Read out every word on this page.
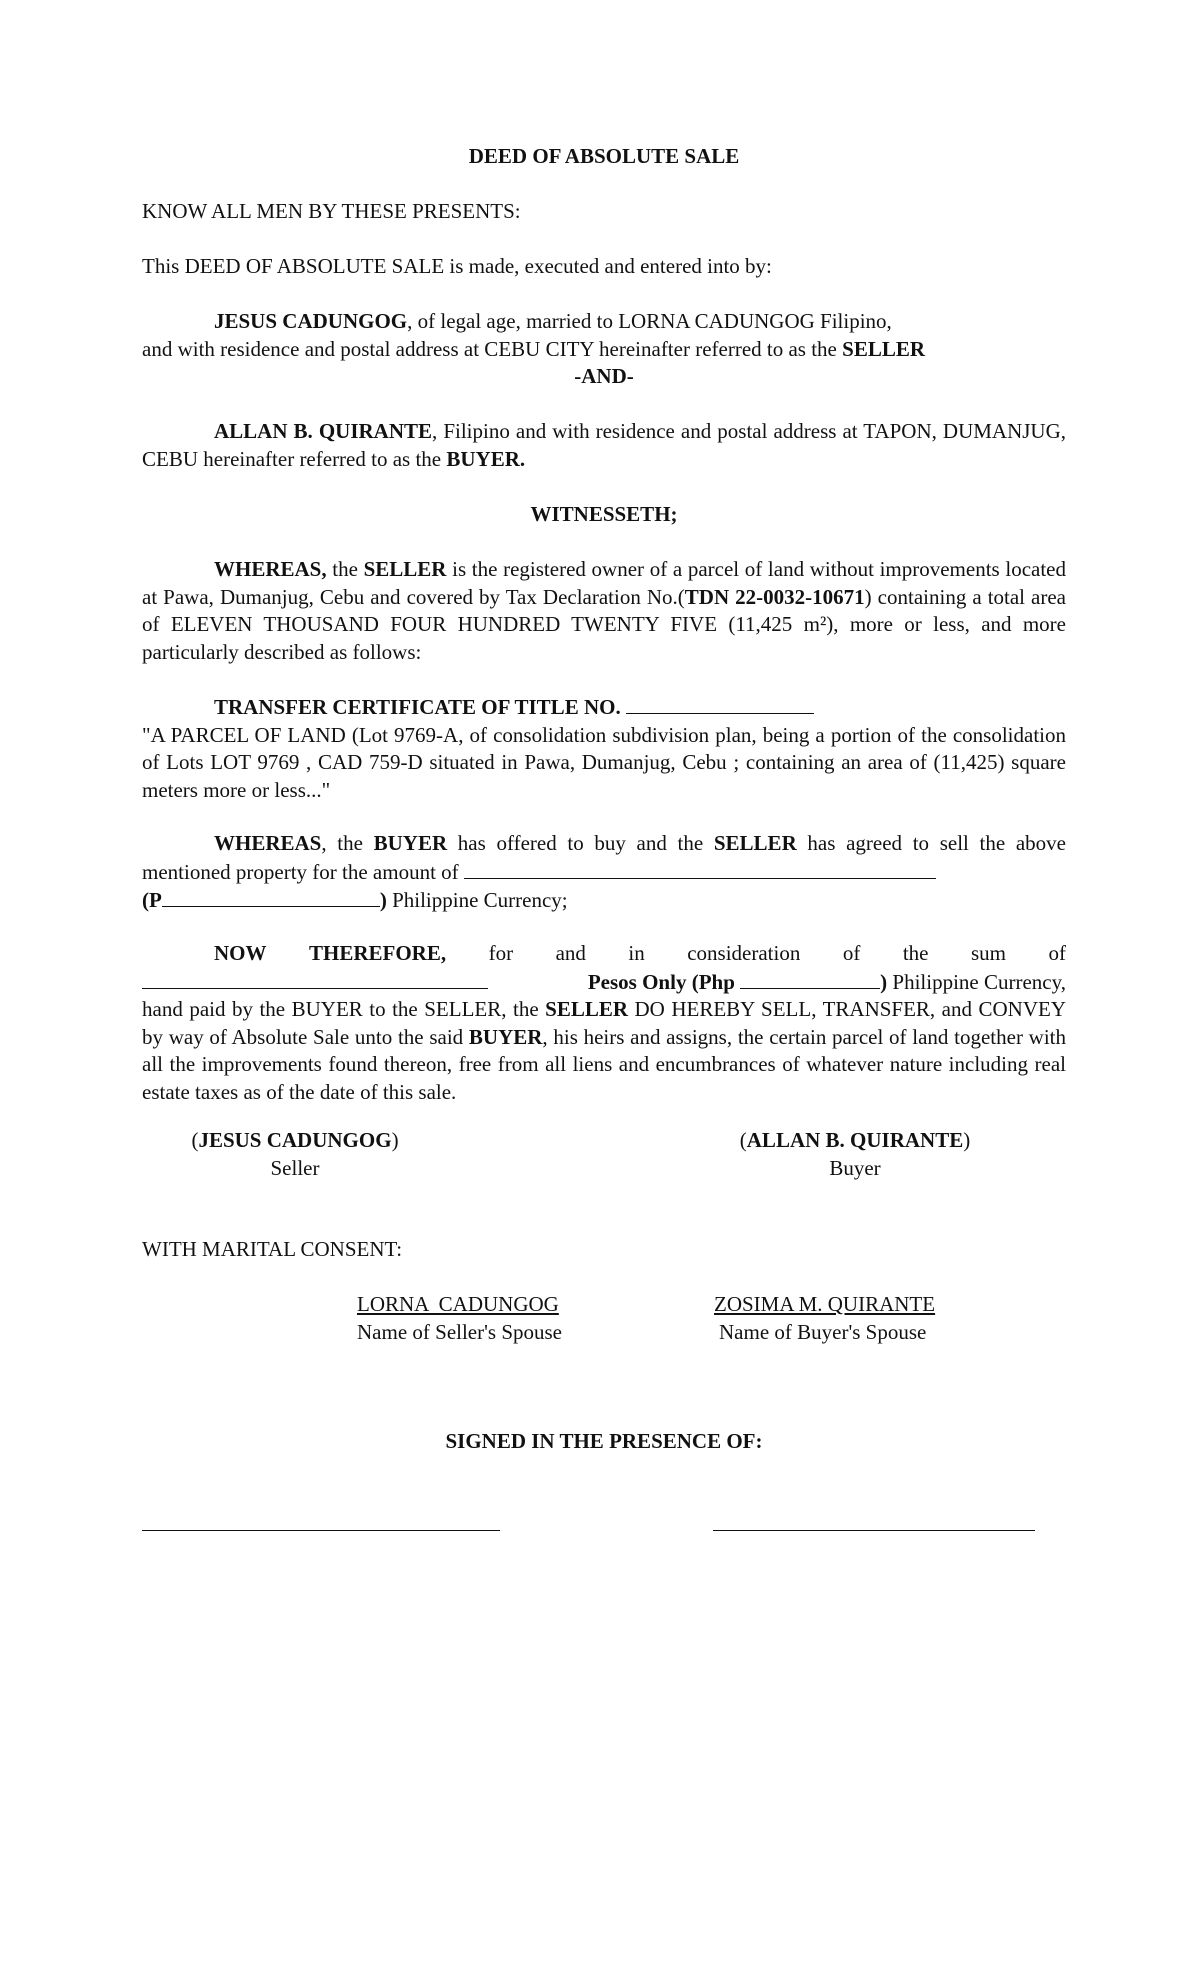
DEED OF ABSOLUTE SALE
KNOW ALL MEN BY THESE PRESENTS:
This DEED OF ABSOLUTE SALE is made, executed and entered into by:
JESUS CADUNGOG, of legal age, married to LORNA CADUNGOG Filipino,
and with residence and postal address at CEBU CITY hereinafter referred to as the SELLER
-AND-
ALLAN B. QUIRANTE, Filipino and with residence and postal address at TAPON, DUMANJUG, CEBU hereinafter referred to as the BUYER.
WITNESSETH;
WHEREAS, the SELLER is the registered owner of a parcel of land without improvements located at Pawa, Dumanjug, Cebu and covered by Tax Declaration No.(TDN 22-0032-10671) containing a total area of ELEVEN THOUSAND FOUR HUNDRED TWENTY FIVE (11,425 m²), more or less, and more particularly described as follows:
TRANSFER CERTIFICATE OF TITLE NO.
"A PARCEL OF LAND (Lot 9769-A, of consolidation subdivision plan, being a portion of the consolidation of Lots LOT 9769 , CAD 759-D situated in Pawa, Dumanjug, Cebu ; containing an area of (11,425) square meters more or less..."
WHEREAS, the BUYER has offered to buy and the SELLER has agreed to sell the above mentioned property for the amount of
(P	) Philippine Currency;
NOW THEREFORE, for and in consideration of the sum of
Pesos Only (Php	) Philippine Currency,
hand paid by the BUYER to the SELLER, the SELLER DO HEREBY SELL, TRANSFER, and CONVEY by way of Absolute Sale unto the said BUYER, his heirs and assigns, the certain parcel of land together with all the improvements found thereon, free from all liens and encumbrances of whatever nature including real estate taxes as of the date of this sale.
(JESUS CADUNGOG)
Seller
(ALLAN B. QUIRANTE)
Buyer
WITH MARITAL CONSENT:
LORNA  CADUNGOG
Name of Seller's Spouse
ZOSIMA M. QUIRANTE
Name of Buyer's Spouse
SIGNED IN THE PRESENCE OF:
